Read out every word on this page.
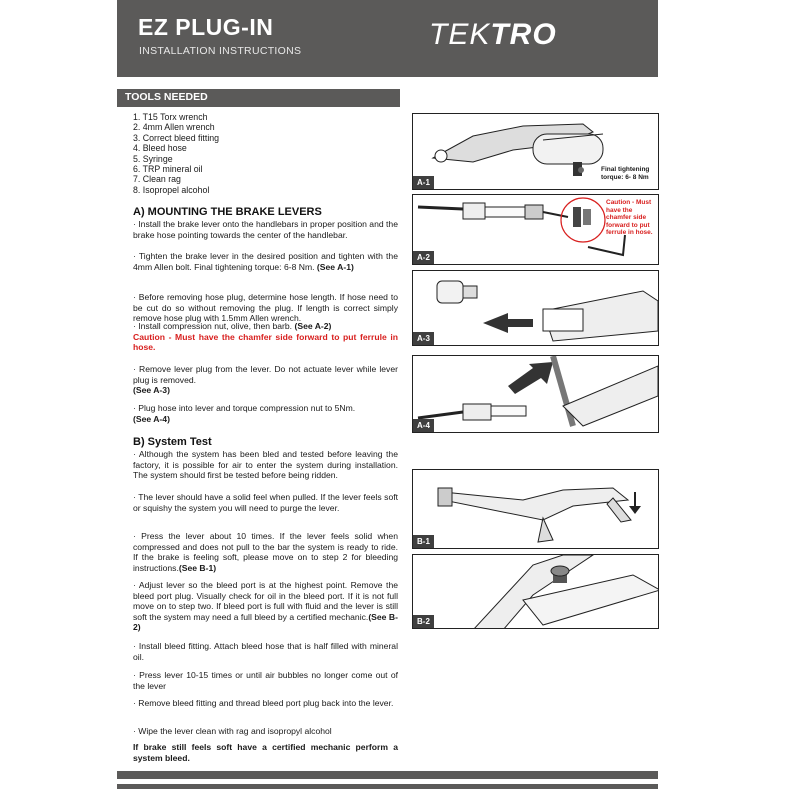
EZ PLUG-IN
INSTALLATION INSTRUCTIONS	TEKTRO
TOOLS NEEDED
1. T15 Torx wrench
2. 4mm Allen wrench
3. Correct bleed fitting
4. Bleed hose
5. Syringe
6. TRP mineral oil
7. Clean rag
8. Isopropel alcohol
A) MOUNTING THE BRAKE LEVERS

· Install the brake lever onto the handlebars in proper position and the brake hose pointing towards the center of the handlebar.

· Tighten the brake lever in the desired position and tighten with the 4mm Allen bolt. Final tightening torque: 6-8 Nm. (See A-1)

· Before removing hose plug, determine hose length. If hose need to be cut do so without removing the plug. If length is correct simply remove hose plug with 1.5mm Allen wrench.

· Install compression nut, olive, then barb. (See A-2)
Caution - Must have the chamfer side forward to put ferrule in hose.

· Remove lever plug from the lever. Do not actuate lever while lever plug is removed.
(See A-3)

· Plug hose into lever and torque compression nut to 5Nm.
(See A-4)

B) System Test

· Although the system has been bled and tested before leaving the factory, it is possible for air to enter the system during installation. The system should first be tested before being ridden.

· The lever should have a solid feel when pulled. If the lever feels soft or squishy the system you will need to purge the lever.

· Press the lever about 10 times. If the lever feels solid when compressed and does not pull to the bar the system is ready to ride. If the brake is feeling soft, please move on to step 2 for bleeding instructions.(See B-1)

· Adjust lever so the bleed port is at the highest point. Remove the bleed port plug. Visually check for oil in the bleed port. If it is not full move on to step two. If bleed port is full with fluid and the lever is still soft the system may need a full bleed by a certified mechanic.(See B-2)

· Install bleed fitting. Attach bleed hose that is half filled with mineral oil.

· Press lever 10-15 times or until air bubbles no longer come out of the lever

· Remove bleed fitting and thread bleed port plug back into the lever.

· Wipe the lever clean with rag and isopropyl alcohol

If brake still feels soft have a certified mechanic perform a system bleed.

Final tightening torque: 6- 8 Nm
A-1
Caution - Must have the chamfer side forward to put ferrule in hose.
A-2
A-3
A-4
B-1
B-2
